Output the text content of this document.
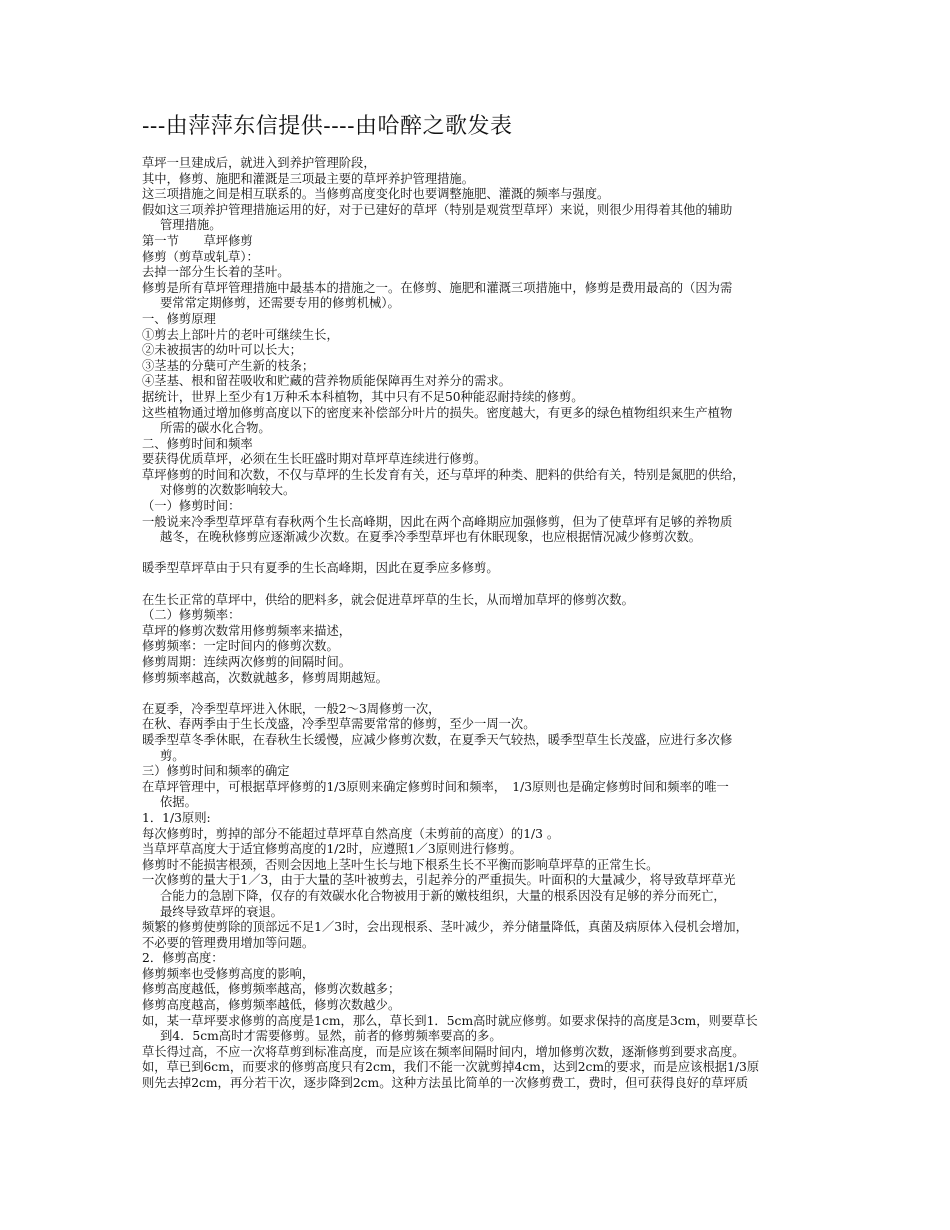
---由萍萍东信提供----由哈醉之歌发表
草坪一旦建成后，就进入到养护管理阶段，
其中，修剪、施肥和灌溉是三项最主要的草坪养护管理措施。
这三项措施之间是相互联系的。当修剪高度变化时也要调整施肥、灌溉的频率与强度。
假如这三项养护管理措施运用的好，对于已建好的草坪（特别是观赏型草坪）来说，则很少用得着其他的辅助
管理措施。
第一节　　草坪修剪
修剪（剪草或轧草）：
去掉一部分生长着的茎叶。
修剪是所有草坪管理措施中最基本的措施之一。在修剪、施肥和灌溉三项措施中，修剪是费用最高的（因为需
要常常定期修剪，还需要专用的修剪机械）。
一、修剪原理
①剪去上部叶片的老叶可继续生长，
②未被损害的幼叶可以长大；
③茎基的分蘖可产生新的枝条；
④茎基、根和留茬吸收和贮藏的营养物质能保障再生对养分的需求。
据统计，世界上至少有1万种禾本科植物，其中只有不足50种能忍耐持续的修剪。
这些植物通过增加修剪高度以下的密度来补偿部分叶片的损失。密度越大，有更多的绿色植物组织来生产植物
所需的碳水化合物。
二、修剪时间和频率
要获得优质草坪，必须在生长旺盛时期对草坪草连续进行修剪。
草坪修剪的时间和次数，不仅与草坪的生长发育有关，还与草坪的种类、肥料的供给有关，特别是氮肥的供给，
对修剪的次数影响较大。
（一）修剪时间：
一般说来冷季型草坪草有春秋两个生长高峰期，因此在两个高峰期应加强修剪，但为了使草坪有足够的养物质
越冬，在晚秋修剪应逐渐减少次数。在夏季冷季型草坪也有休眠现象，也应根据情况减少修剪次数。
暖季型草坪草由于只有夏季的生长高峰期，因此在夏季应多修剪。
在生长正常的草坪中，供给的肥料多，就会促进草坪草的生长，从而增加草坪的修剪次数。
（二）修剪频率：
草坪的修剪次数常用修剪频率来描述，
修剪频率：一定时间内的修剪次数。
修剪周期：连续两次修剪的间隔时间。
修剪频率越高，次数就越多，修剪周期越短。
在夏季，冷季型草坪进入休眠，一般2～3周修剪一次，
在秋、春两季由于生长茂盛，冷季型草需要常常的修剪，至少一周一次。
暖季型草冬季休眠，在春秋生长缓慢，应减少修剪次数，在夏季天气较热，暖季型草生长茂盛，应进行多次修
剪。
三）修剪时间和频率的确定
在草坪管理中，可根据草坪修剪的1/3原则来确定修剪时间和频率，　1/3原则也是确定修剪时间和频率的唯一
依据。
1．1/3原则:
每次修剪时，剪掉的部分不能超过草坪草自然高度（未剪前的高度）的1/3 。
当草坪草高度大于适宜修剪高度的1/2时，应遵照1／3原则进行修剪。
修剪时不能损害根颈，否则会因地上茎叶生长与地下根系生长不平衡而影响草坪草的正常生长。
一次修剪的量大于1／3，由于大量的茎叶被剪去，引起养分的严重损失。叶面积的大量减少，将导致草坪草光
合能力的急剧下降，仅存的有效碳水化合物被用于新的嫩枝组织，大量的根系因没有足够的养分而死亡，
最终导致草坪的衰退。
频繁的修剪使剪除的顶部远不足1／3时，会出现根系、茎叶减少，养分储量降低，真菌及病原体入侵机会增加，
不必要的管理费用增加等问题。
2．修剪高度：
修剪频率也受修剪高度的影响，
修剪高度越低，修剪频率越高，修剪次数越多；
修剪高度越高，修剪频率越低，修剪次数越少。
如，某一草坪要求修剪的高度是1cm，那么，草长到1．5cm高时就应修剪。如要求保持的高度是3cm，则要草长
到4．5cm高时才需要修剪。显然，前者的修剪频率要高的多。
草长得过高，不应一次将草剪到标准高度，而是应该在频率间隔时间内，增加修剪次数，逐渐修剪到要求高度。
如，草已到6cm，而要求的修剪高度只有2cm，我们不能一次就剪掉4cm，达到2cm的要求，而是应该根据1/3原
则先去掉2cm，再分若干次，逐步降到2cm。这种方法虽比简单的一次修剪费工，费时，但可获得良好的草坪质
